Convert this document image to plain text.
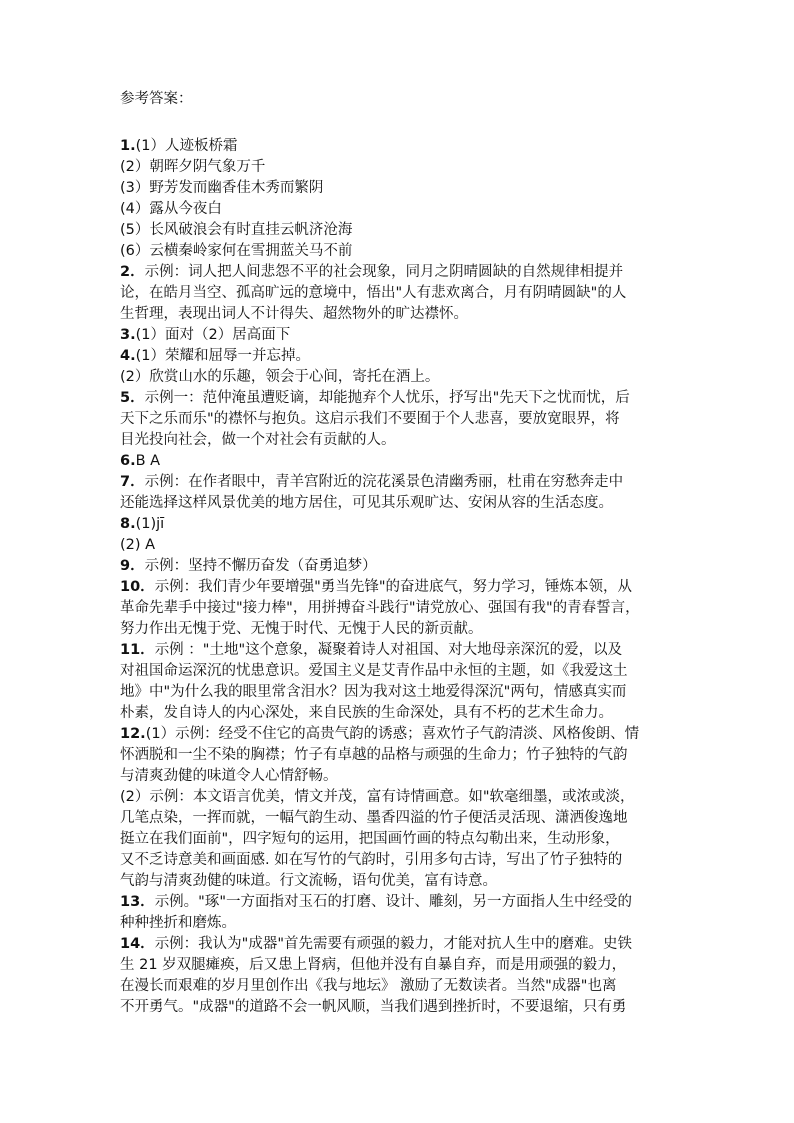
参考答案：

1.(1）人迹板桥霜

(2）朝晖夕阴气象万千

(3）野芳发而幽香佳木秀而繁阴

(4）露从今夜白

(5）长风破浪会有时直挂云帆济沧海

(6）云横秦岭家何在雪拥蓝关马不前

2．示例：词人把人间悲怨不平的社会现象，同月之阴晴圆缺的自然规律相提并

论，在皓月当空、孤高旷远的意境中，悟出"人有悲欢离合，月有阴晴圆缺"的人

生哲理，表现出词人不计得失、超然物外的旷达襟怀。

3.(1）面对（2）居高面下

4.(1）荣耀和屈辱一并忘掉。

(2）欣赏山水的乐趣，领会于心间，寄托在酒上。

5．示例一：范仲淹虽遭贬谪，却能抛弃个人忧乐，抒写出"先天下之忧而忧，后

天下之乐而乐"的襟怀与抱负。这启示我们不要囿于个人悲喜，要放宽眼界，将

目光投向社会，做一个对社会有贡献的人。

6.B A

7．示例：在作者眼中，青羊宫附近的浣花溪景色清幽秀丽，杜甫在穷愁奔走中

还能选择这样风景优美的地方居住，可见其乐观旷达、安闲从容的生活态度。

8.(1)jī

(2) A

9．示例：坚持不懈历奋发（奋勇追梦）

10．示例：我们青少年要增强"勇当先锋"的奋进底气，努力学习，锤炼本领，从

革命先辈手中接过"接力棒"，用拼搏奋斗践行"请党放心、强国有我"的青春誓言，

努力作出无愧于党、无愧于时代、无愧于人民的新贡献。

11．示例 ："土地"这个意象，凝聚着诗人对祖国、对大地母亲深沉的爱，以及

对祖国命运深沉的忧患意识。爱国主义是艾青作品中永恒的主题，如《我爱这土

地》中"为什么我的眼里常含泪水？因为我对这土地爱得深沉"两句，情感真实而

朴素，发自诗人的内心深处，来自民族的生命深处，具有不朽的艺术生命力。

12.(1）示例：经受不住它的高贵气韵的诱惑；喜欢竹子气韵清淡、风格俊朗、情

怀洒脱和一尘不染的胸襟；竹子有卓越的品格与顽强的生命力；竹子独特的气韵

与清爽劲健的味道令人心情舒畅。

(2）示例：本文语言优美，情文并茂，富有诗情画意。如"软毫细墨，或浓或淡，

几笔点染，一挥而就，一幅气韵生动、墨香四溢的竹子便活灵活现、潇洒俊逸地

挺立在我们面前"，四字短句的运用，把国画竹画的特点勾勒出来，生动形象，

又不乏诗意美和画面感. 如在写竹的气韵时，引用多句古诗，写出了竹子独特的

气韵与清爽劲健的味道。行文流畅，语句优美，富有诗意。

13．示例。"琢"一方面指对玉石的打磨、设计、雕刻，另一方面指人生中经受的

种种挫折和磨炼。

14．示例：我认为"成器"首先需要有顽强的毅力，才能对抗人生中的磨难。史铁

生 21 岁双腿瘫痪，后又患上肾病，但他并没有自暴自弃，而是用顽强的毅力，

在漫长而艰难的岁月里创作出《我与地坛》 激励了无数读者。当然"成器"也离

不开勇气。"成器"的道路不会一帆风顺，当我们遇到挫折时，不要退缩，只有勇
